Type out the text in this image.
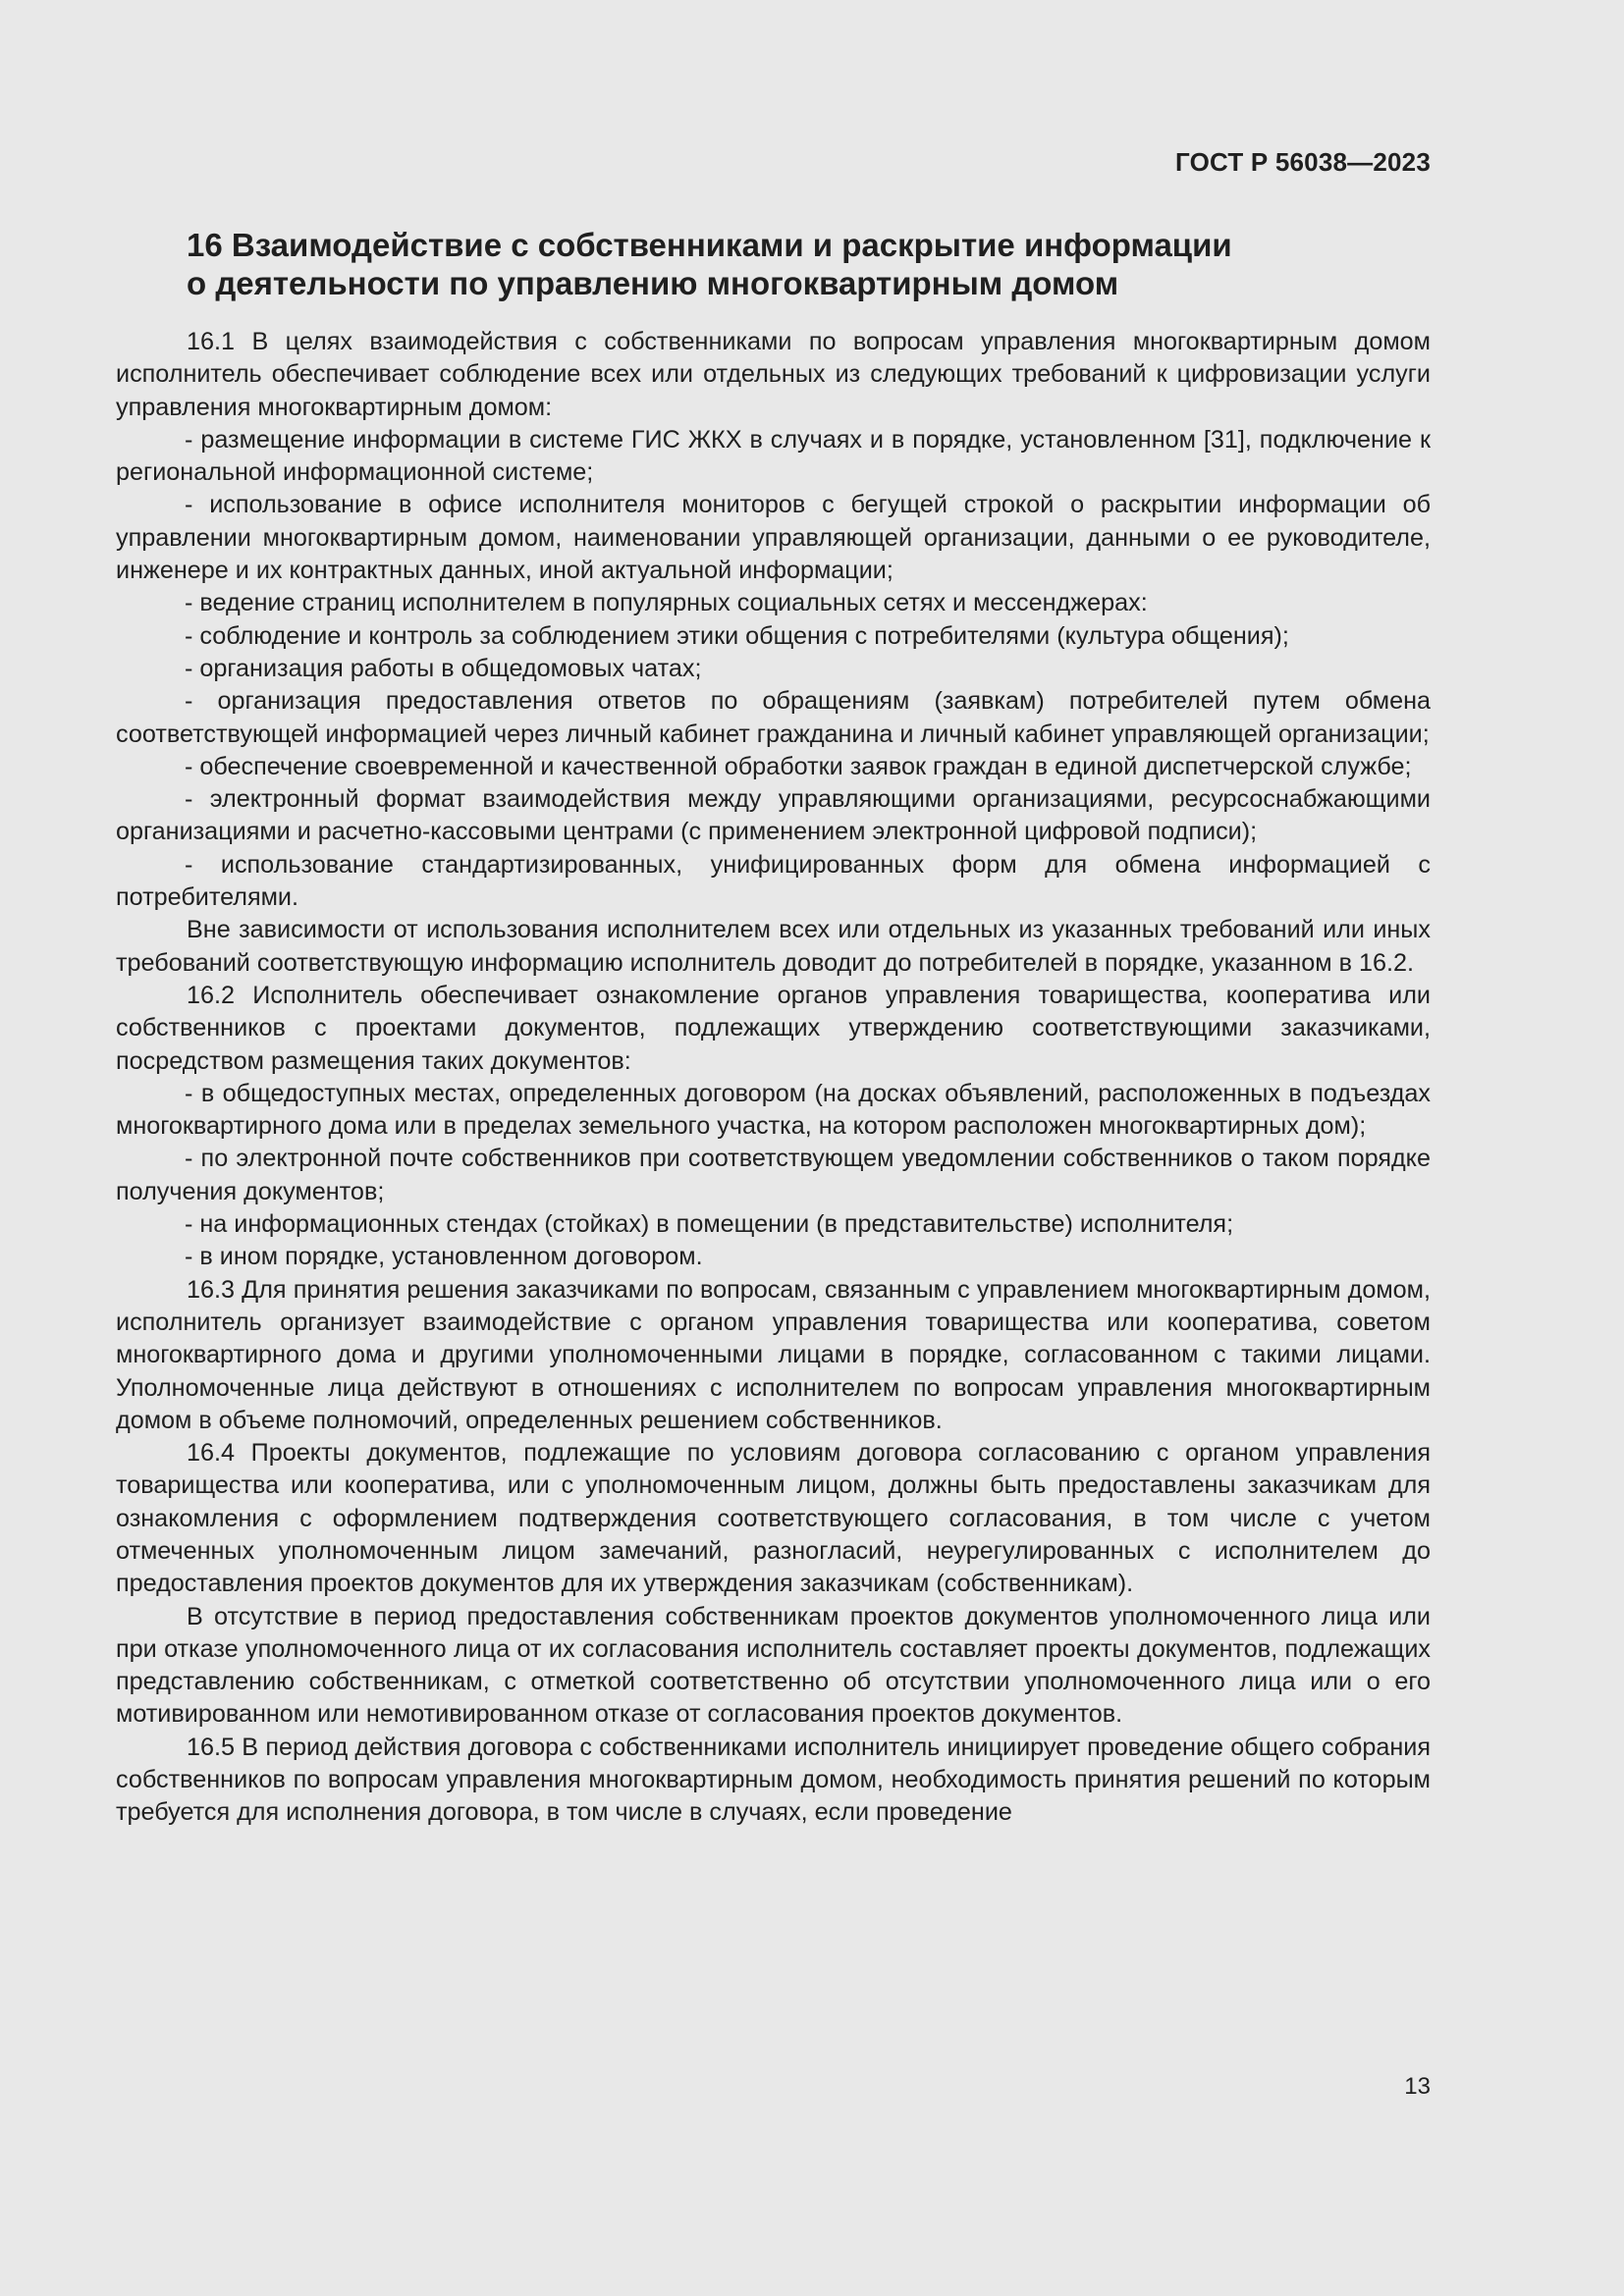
ГОСТ Р 56038—2023
16 Взаимодействие с собственниками и раскрытие информации
о деятельности по управлению многоквартирным домом

16.1 В целях взаимодействия с собственниками по вопросам управления многоквартирным домом исполнитель обеспечивает соблюдение всех или отдельных из следующих требований к цифровизации услуги управления многоквартирным домом:

- размещение информации в системе ГИС ЖКХ в случаях и в порядке, установленном [31], подключение к региональной информационной системе;

- использование в офисе исполнителя мониторов с бегущей строкой о раскрытии информации об управлении многоквартирным домом, наименовании управляющей организации, данными о ее руководителе, инженере и их контрактных данных, иной актуальной информации;

- ведение страниц исполнителем в популярных социальных сетях и мессенджерах:

- соблюдение и контроль за соблюдением этики общения с потребителями (культура общения);

- организация работы в общедомовых чатах;

- организация предоставления ответов по обращениям (заявкам) потребителей путем обмена соответствующей информацией через личный кабинет гражданина и личный кабинет управляющей организации;

- обеспечение своевременной и качественной обработки заявок граждан в единой диспетчерской службе;

- электронный формат взаимодействия между управляющими организациями, ресурсоснабжающими организациями и расчетно-кассовыми центрами (с применением электронной цифровой подписи);

- использование стандартизированных, унифицированных форм для обмена информацией с потребителями.

Вне зависимости от использования исполнителем всех или отдельных из указанных требований или иных требований соответствующую информацию исполнитель доводит до потребителей в порядке, указанном в 16.2.

16.2 Исполнитель обеспечивает ознакомление органов управления товарищества, кооператива или собственников с проектами документов, подлежащих утверждению соответствующими заказчиками, посредством размещения таких документов:

- в общедоступных местах, определенных договором (на досках объявлений, расположенных в подъездах многоквартирного дома или в пределах земельного участка, на котором расположен многоквартирных дом);

- по электронной почте собственников при соответствующем уведомлении собственников о таком порядке получения документов;

- на информационных стендах (стойках) в помещении (в представительстве) исполнителя;

- в ином порядке, установленном договором.

16.3 Для принятия решения заказчиками по вопросам, связанным с управлением многоквартирным домом, исполнитель организует взаимодействие с органом управления товарищества или кооператива, советом многоквартирного дома и другими уполномоченными лицами в порядке, согласованном с такими лицами. Уполномоченные лица действуют в отношениях с исполнителем по вопросам управления многоквартирным домом в объеме полномочий, определенных решением собственников.

16.4 Проекты документов, подлежащие по условиям договора согласованию с органом управления товарищества или кооператива, или с уполномоченным лицом, должны быть предоставлены заказчикам для ознакомления с оформлением подтверждения соответствующего согласования, в том числе с учетом отмеченных уполномоченным лицом замечаний, разногласий, неурегулированных с исполнителем до предоставления проектов документов для их утверждения заказчикам (собственникам).

В отсутствие в период предоставления собственникам проектов документов уполномоченного лица или при отказе уполномоченного лица от их согласования исполнитель составляет проекты документов, подлежащих представлению собственникам, с отметкой соответственно об отсутствии уполномоченного лица или о его мотивированном или немотивированном отказе от согласования проектов документов.

16.5 В период действия договора с собственниками исполнитель инициирует проведение общего собрания собственников по вопросам управления многоквартирным домом, необходимость принятия решений по которым требуется для исполнения договора, в том числе в случаях, если проведение

13
